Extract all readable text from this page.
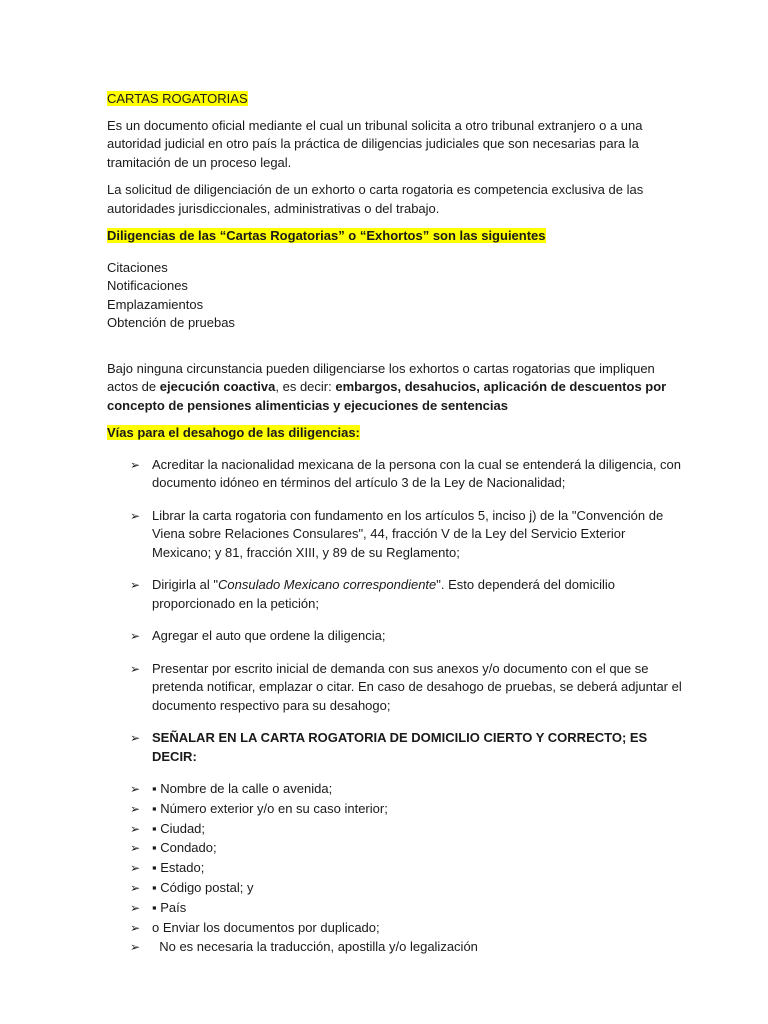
CARTAS ROGATORIAS

Es un documento oficial mediante el cual un tribunal solicita a otro tribunal extranjero o a una autoridad judicial en otro país la práctica de diligencias judiciales que son necesarias para la tramitación de un proceso legal.

La solicitud de diligenciación de un exhorto o carta rogatoria es competencia exclusiva de las autoridades jurisdiccionales, administrativas o del trabajo.

Diligencias de las “Cartas Rogatorias” o “Exhortos” son las siguientes

Citaciones
Notificaciones
Emplazamientos
Obtención de pruebas

Bajo ninguna circunstancia pueden diligenciarse los exhortos o cartas rogatorias que impliquen actos de ejecución coactiva, es decir: embargos, desahucios, aplicación de descuentos por concepto de pensiones alimenticias y ejecuciones de sentencias

Vías para el desahogo de las diligencias:

➢ Acreditar la nacionalidad mexicana de la persona con la cual se entenderá la diligencia, con documento idóneo en términos del artículo 3 de la Ley de Nacionalidad;
➢ Librar la carta rogatoria con fundamento en los artículos 5, inciso j) de la "Convención de Viena sobre Relaciones Consulares", 44, fracción V de la Ley del Servicio Exterior Mexicano; y 81, fracción XIII, y 89 de su Reglamento;
➢ Dirigirla al "Consulado Mexicano correspondiente". Esto dependerá del domicilio proporcionado en la petición;
➢ Agregar el auto que ordene la diligencia;
➢ Presentar por escrito inicial de demanda con sus anexos y/o documento con el que se pretenda notificar, emplazar o citar. En caso de desahogo de pruebas, se deberá adjuntar el documento respectivo para su desahogo;
➢ SEÑALAR EN LA CARTA ROGATORIA DE DOMICILIO CIERTO Y CORRECTO; ES DECIR:
➢ ▪ Nombre de la calle o avenida;
➢ ▪ Número exterior y/o en su caso interior;
➢ ▪ Ciudad;
➢ ▪ Condado;
➢ ▪ Estado;
➢ ▪ Código postal; y
➢ ▪ País
➢ o Enviar los documentos por duplicado;
➢ No es necesaria la traducción, apostilla y/o legalización
